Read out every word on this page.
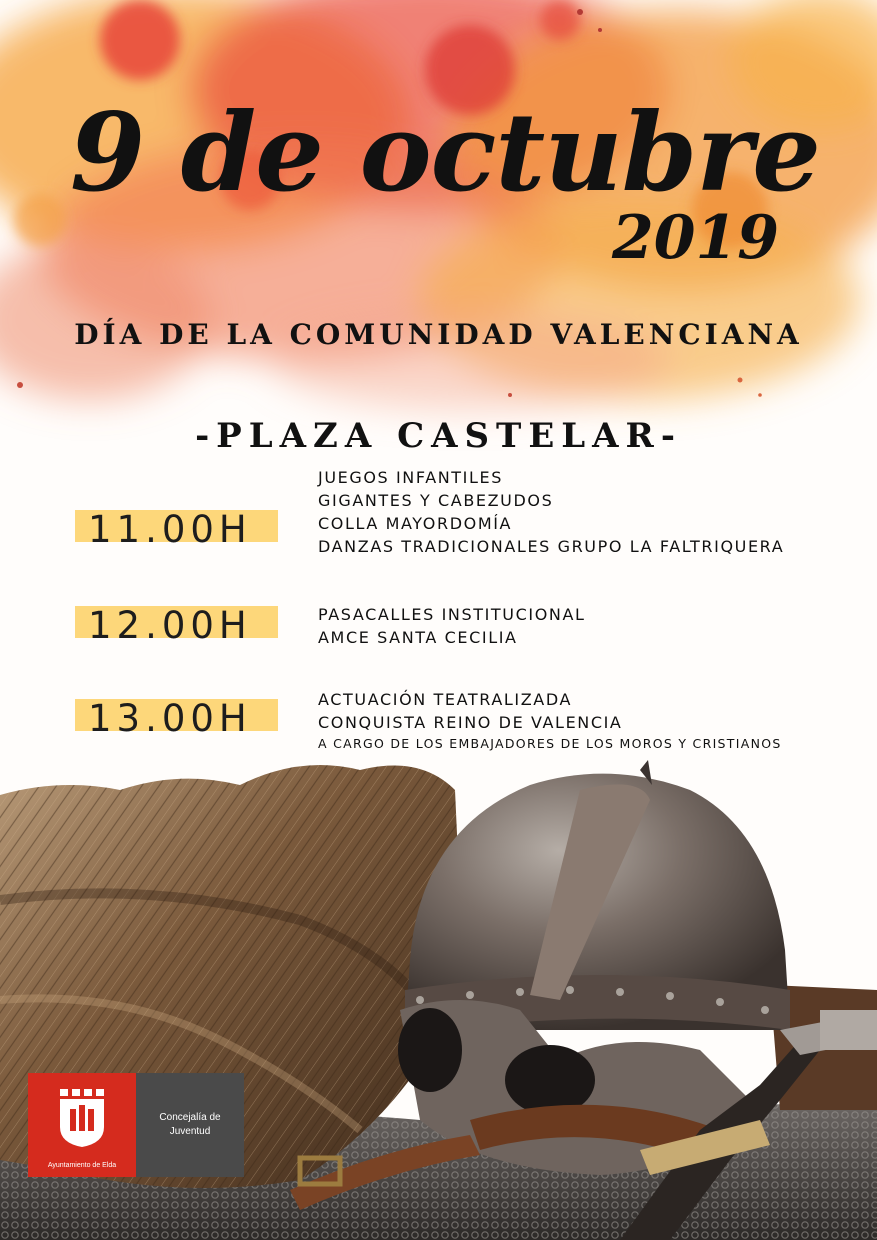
9 de octubre
2019
DÍA DE LA COMUNIDAD VALENCIANA
-PLAZA CASTELAR-
11.00H
JUEGOS INFANTILES
GIGANTES Y CABEZUDOS
COLLA MAYORDOMÍA
DANZAS TRADICIONALES GRUPO LA FALTRIQUERA
12.00H	PASACALLES INSTITUCIONAL
AMCE SANTA CECILIA
13.00H	ACTUACIÓN TEATRALIZADA
CONQUISTA REINO DE VALENCIA
A CARGO DE LOS EMBAJADORES DE LOS MOROS Y CRISTIANOS
Ayuntamiento de Elda
Concejalía de
Juventud
